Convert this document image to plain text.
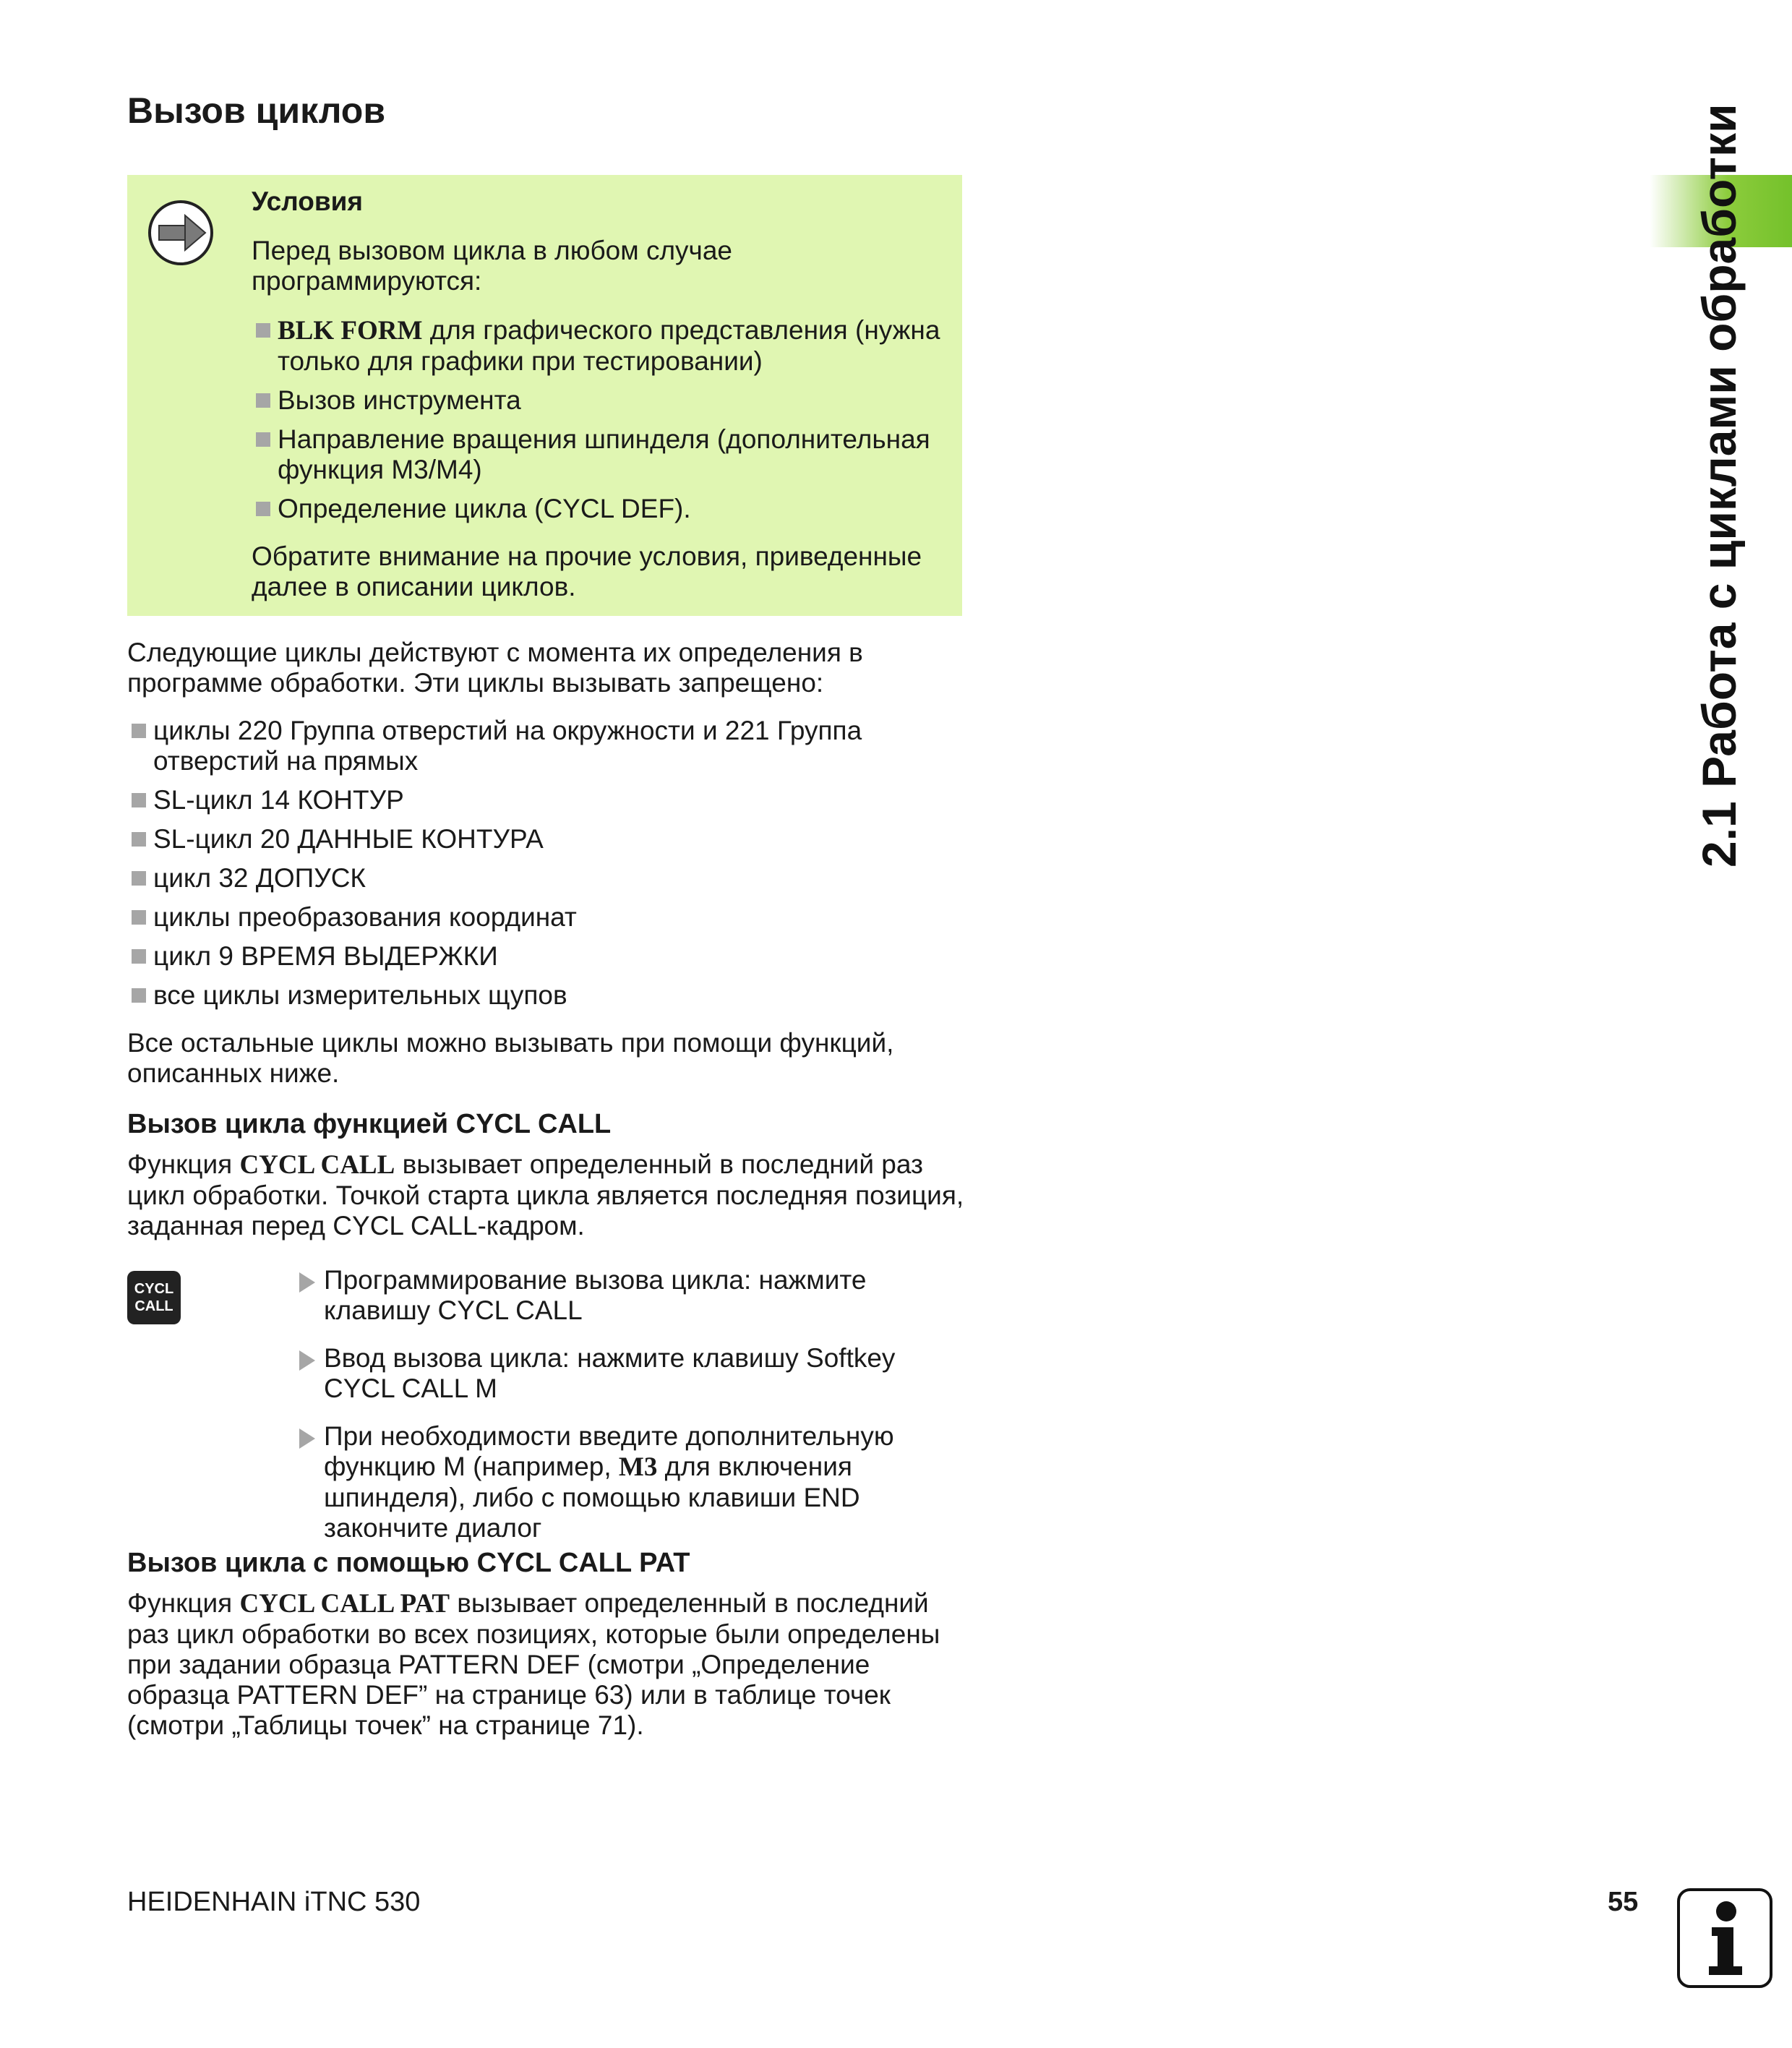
Вызов циклов

Условия

Перед вызовом цикла в любом случае программируются:

BLK FORM для графического представления (нужна только для графики при тестировании)
Вызов инструмента
Направление вращения шпинделя (дополнительная функция M3/M4)
Определение цикла (CYCL DEF).

Обратите внимание на прочие условия, приведенные далее в описании циклов.

Следующие циклы действуют с момента их определения в программе обработки. Эти циклы вызывать запрещено:

циклы 220 Группа отверстий на окружности и 221 Группа отверстий на прямых
SL-цикл 14 КОНТУР
SL-цикл 20 ДАННЫЕ КОНТУРА
цикл 32 ДОПУСК
циклы преобразования координат
цикл 9 ВРЕМЯ ВЫДЕРЖКИ
все циклы измерительных щупов

Все остальные циклы можно вызывать при помощи функций, описанных ниже.

Вызов цикла функцией CYCL CALL

Функция CYCL CALL вызывает определенный в последний раз цикл обработки. Точкой старта цикла является последняя позиция, заданная перед CYCL CALL-кадром.

Вызов цикла с помощью CYCL CALL PAT

Функция CYCL CALL PAT вызывает определенный в последний раз цикл обработки во всех позициях, которые были определены при задании образца PATTERN DEF (смотри „Определение образца PATTERN DEF” на странице 63) или в таблице точек (смотри „Таблицы точек” на странице 71).

CYCL
CALL
Программирование вызова цикла: нажмите клавишу CYCL CALL
Ввод вызова цикла: нажмите клавишу Softkey CYCL CALL M
При необходимости введите дополнительную функцию M (например, M3 для включения шпинделя), либо с помощью клавиши END закончите диалог
2.1 Работа с циклами обработки
HEIDENHAIN iTNC 530	55
